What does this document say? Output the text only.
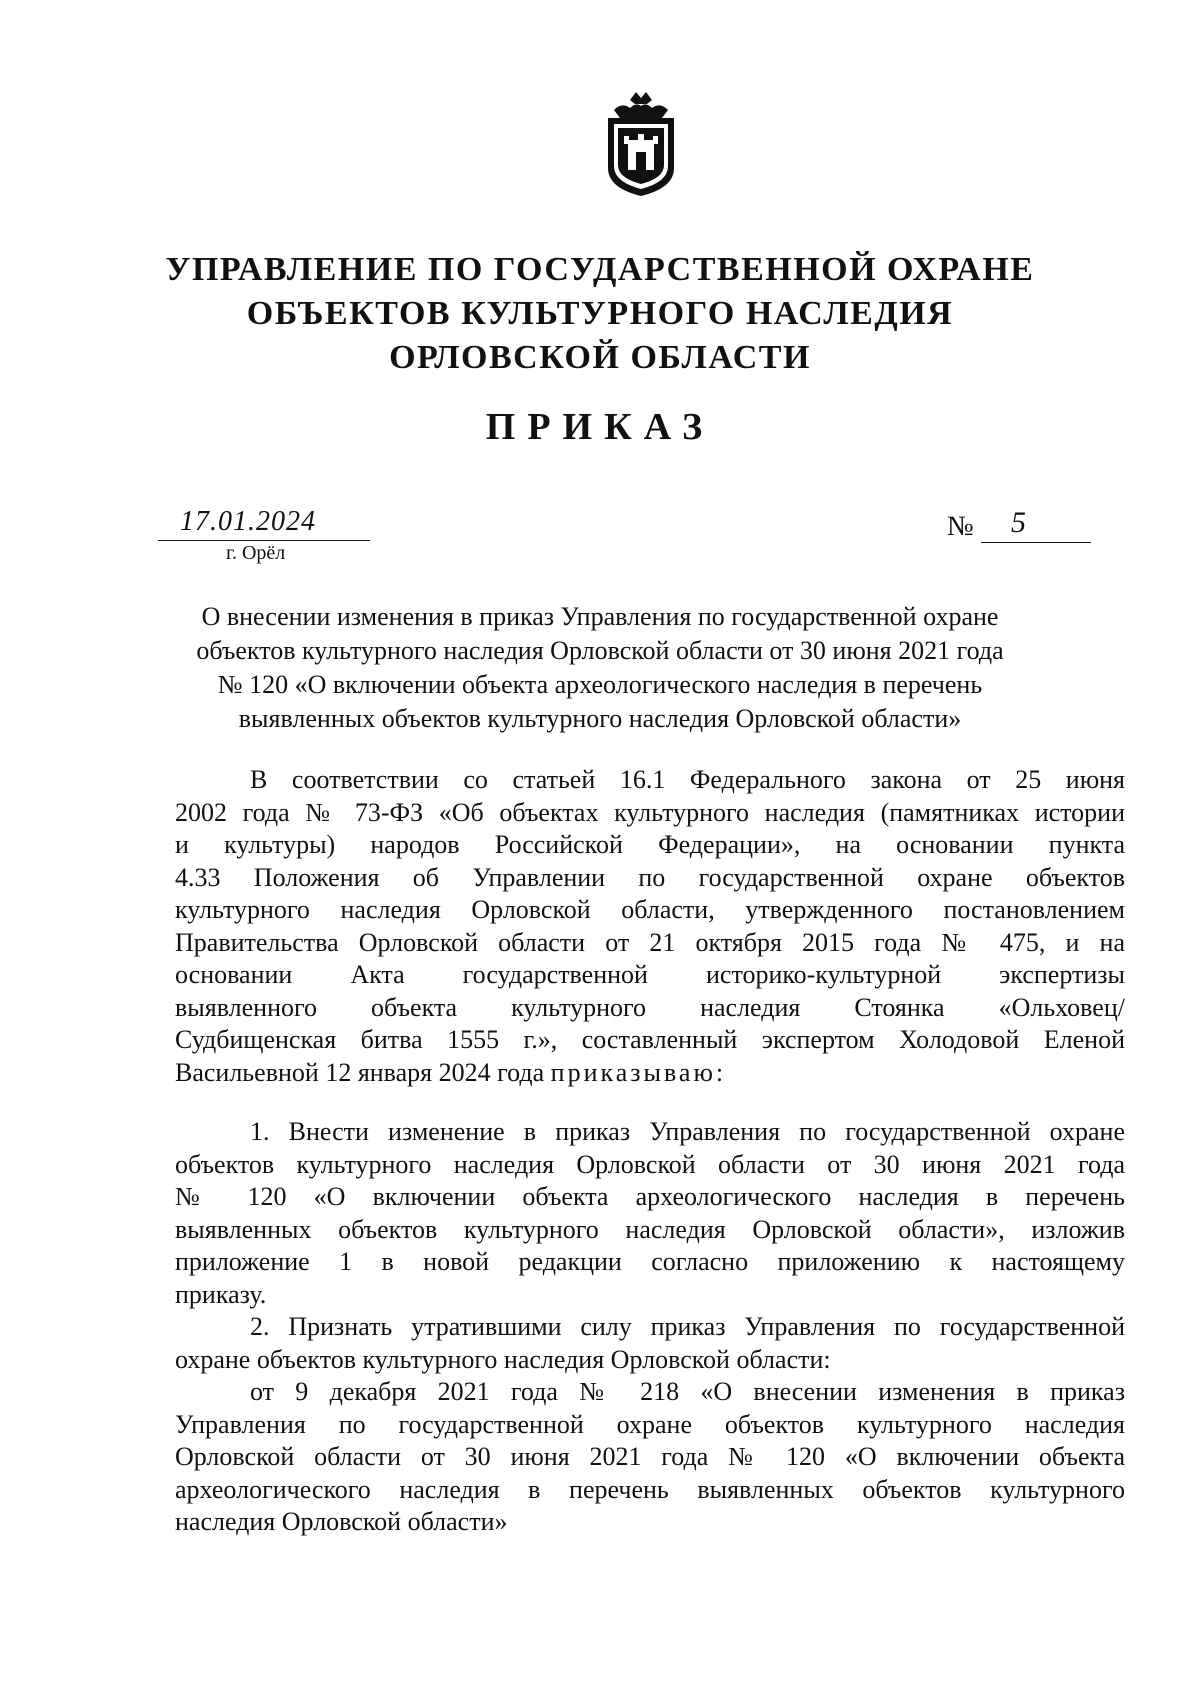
УПРАВЛЕНИЕ ПО ГОСУДАРСТВЕННОЙ ОХРАНЕ
ОБЪЕКТОВ КУЛЬТУРНОГО НАСЛЕДИЯ
ОРЛОВСКОЙ ОБЛАСТИ
ПРИКАЗ
17.01.2024
г. Орёл
№ 5
О внесении изменения в приказ Управления по государственной охране
объектов культурного наследия Орловской области от 30 июня 2021 года
№ 120 «О включении объекта археологического наследия в перечень
выявленных объектов культурного наследия Орловской области»
В соответствии со статьей 16.1 Федерального закона от 25 июня
2002 года № 73-ФЗ «Об объектах культурного наследия (памятниках истории
и культуры) народов Российской Федерации», на основании пункта
4.33 Положения об Управлении по государственной охране объектов
культурного наследия Орловской области, утвержденного постановлением
Правительства Орловской области от 21 октября 2015 года № 475, и на
основании Акта государственной историко-культурной экспертизы
выявленного объекта культурного наследия Стоянка «Ольховец/
Судбищенская битва 1555 г.», составленный экспертом Холодовой Еленой
Васильевной 12 января 2024 года приказываю:
1. Внести изменение в приказ Управления по государственной охране
объектов культурного наследия Орловской области от 30 июня 2021 года
№ 120 «О включении объекта археологического наследия в перечень
выявленных объектов культурного наследия Орловской области», изложив
приложение 1 в новой редакции согласно приложению к настоящему
приказу.
2. Признать утратившими силу приказ Управления по государственной
охране объектов культурного наследия Орловской области:
от 9 декабря 2021 года № 218 «О внесении изменения в приказ
Управления по государственной охране объектов культурного наследия
Орловской области от 30 июня 2021 года № 120 «О включении объекта
археологического наследия в перечень выявленных объектов культурного
наследия Орловской области»
